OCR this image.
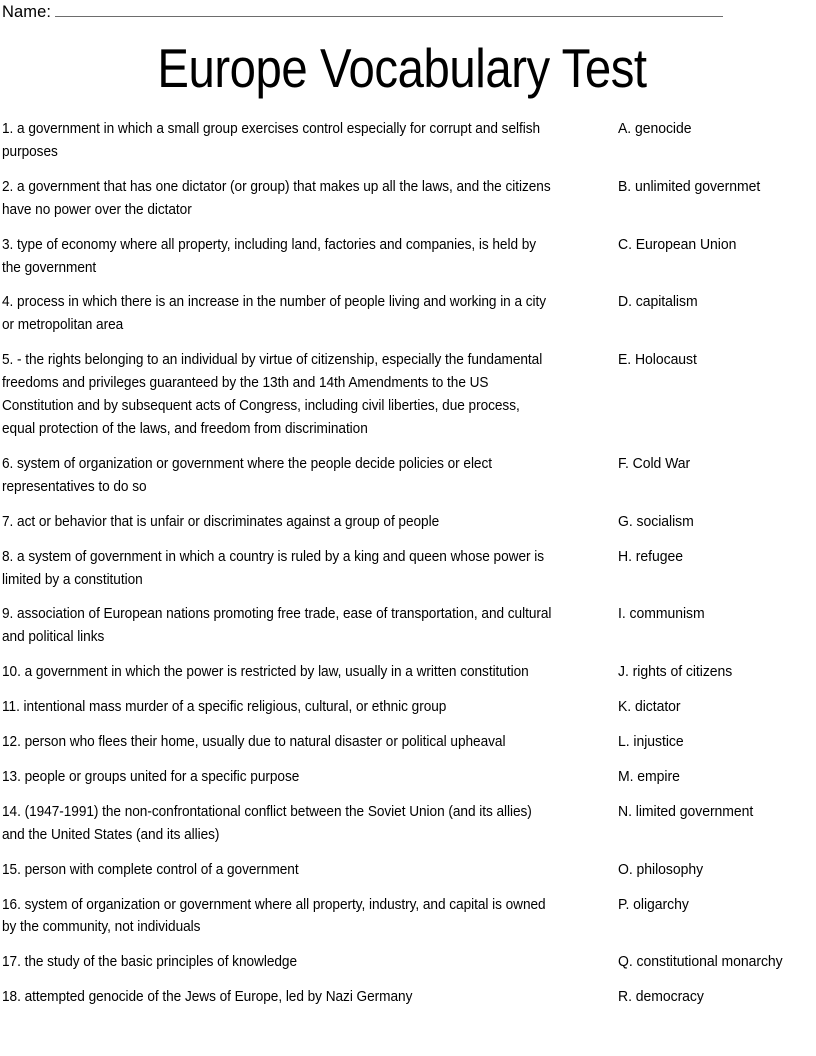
Name:
Europe Vocabulary Test
1. a government in which a small group exercises control especially for corrupt and selfish purposes
A. genocide
2. a government that has one dictator (or group) that makes up all the laws, and the citizens have no power over the dictator
B. unlimited governmet
3. type of economy where all property, including land, factories and companies, is held by the government
C. European Union
4. process in which there is an increase in the number of people living and working in a city or metropolitan area
D. capitalism
5. - the rights belonging to an individual by virtue of citizenship, especially the fundamental freedoms and privileges guaranteed by the 13th and 14th Amendments to the US Constitution and by subsequent acts of Congress, including civil liberties, due process, equal protection of the laws, and freedom from discrimination
E. Holocaust
6. system of organization or government where the people decide policies or elect representatives to do so
F. Cold War
7. act or behavior that is unfair or discriminates against a group of people	G. socialism
8. a system of government in which a country is ruled by a king and queen whose power is limited by a constitution
H. refugee
9. association of European nations promoting free trade, ease of transportation, and cultural and political links
I. communism
10. a government in which the power is restricted by law, usually in a written constitution	J. rights of citizens
11. intentional mass murder of a specific religious, cultural, or ethnic group	K. dictator
12. person who flees their home, usually due to natural disaster or political upheaval	L. injustice
13. people or groups united for a specific purpose	M. empire
14. (1947-1991) the non-confrontational conflict between the Soviet Union (and its allies) and the United States (and its allies)
N. limited government
15. person with complete control of a government	O. philosophy
16. system of organization or government where all property, industry, and capital is owned by the community, not individuals
P. oligarchy
17. the study of the basic principles of knowledge	Q. constitutional monarchy
18. attempted genocide of the Jews of Europe, led by Nazi Germany	R. democracy
